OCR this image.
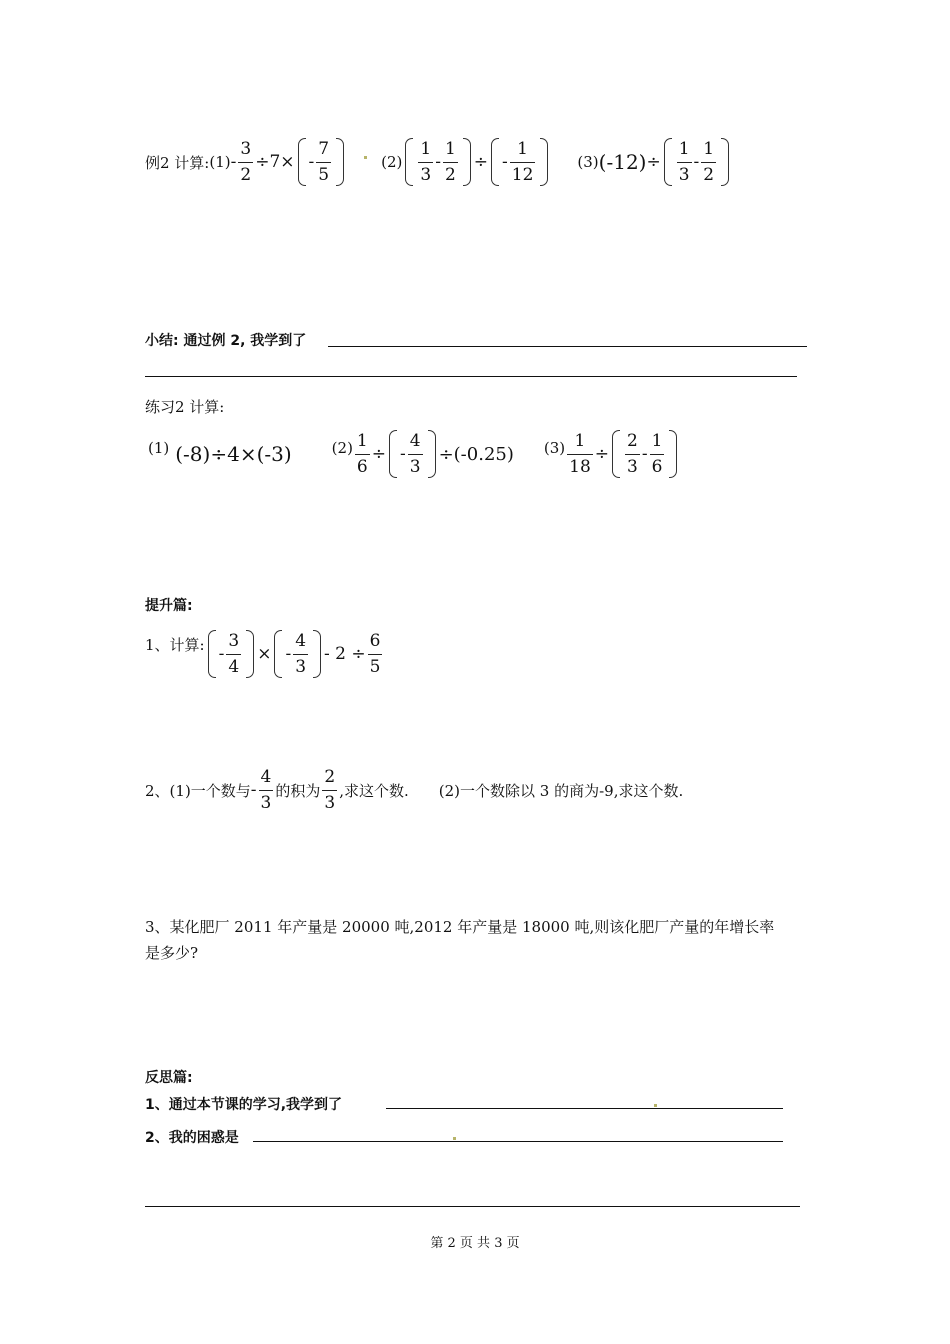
例2 计算: $(1) - \frac{3}{2} \div 7$ × - $\frac{7}{5}$	$(2) \frac{1}{3} - \frac{1}{2}$ ÷ - $\frac{1}{12}$	(3) $(-12) \div \frac{1}{3} - \frac{1}{2}$
小结: 通过例 2, 我学到了
练习2 计算:
(1) (-8)÷4×(-3)	$(2) \frac{1}{6}$ ÷ - $\frac{4}{3} \div(-0.25)$ $(3) \frac{1}{18} \div \frac{2}{3} - \frac{1}{6}$
提升篇:
1、计算: - $\frac{3}{4}$ × - $\frac{4}{3} - 2 \div \frac{6}{5}$
2、(1)一个数与 - $\frac{4}{3}$ 的积为 $\frac{2}{3}$ ,求这个数. (2)一个数除以 3 的商为-9,求这个数.
3、某化肥厂 2011 年产量是 20000 吨,2012 年产量是 18000 吨,则该化肥厂产量的年增长率
是多少?
反思篇:
1、通过本节课的学习,我学到了
2、我的困惑是
第 2 页 共 3 页
